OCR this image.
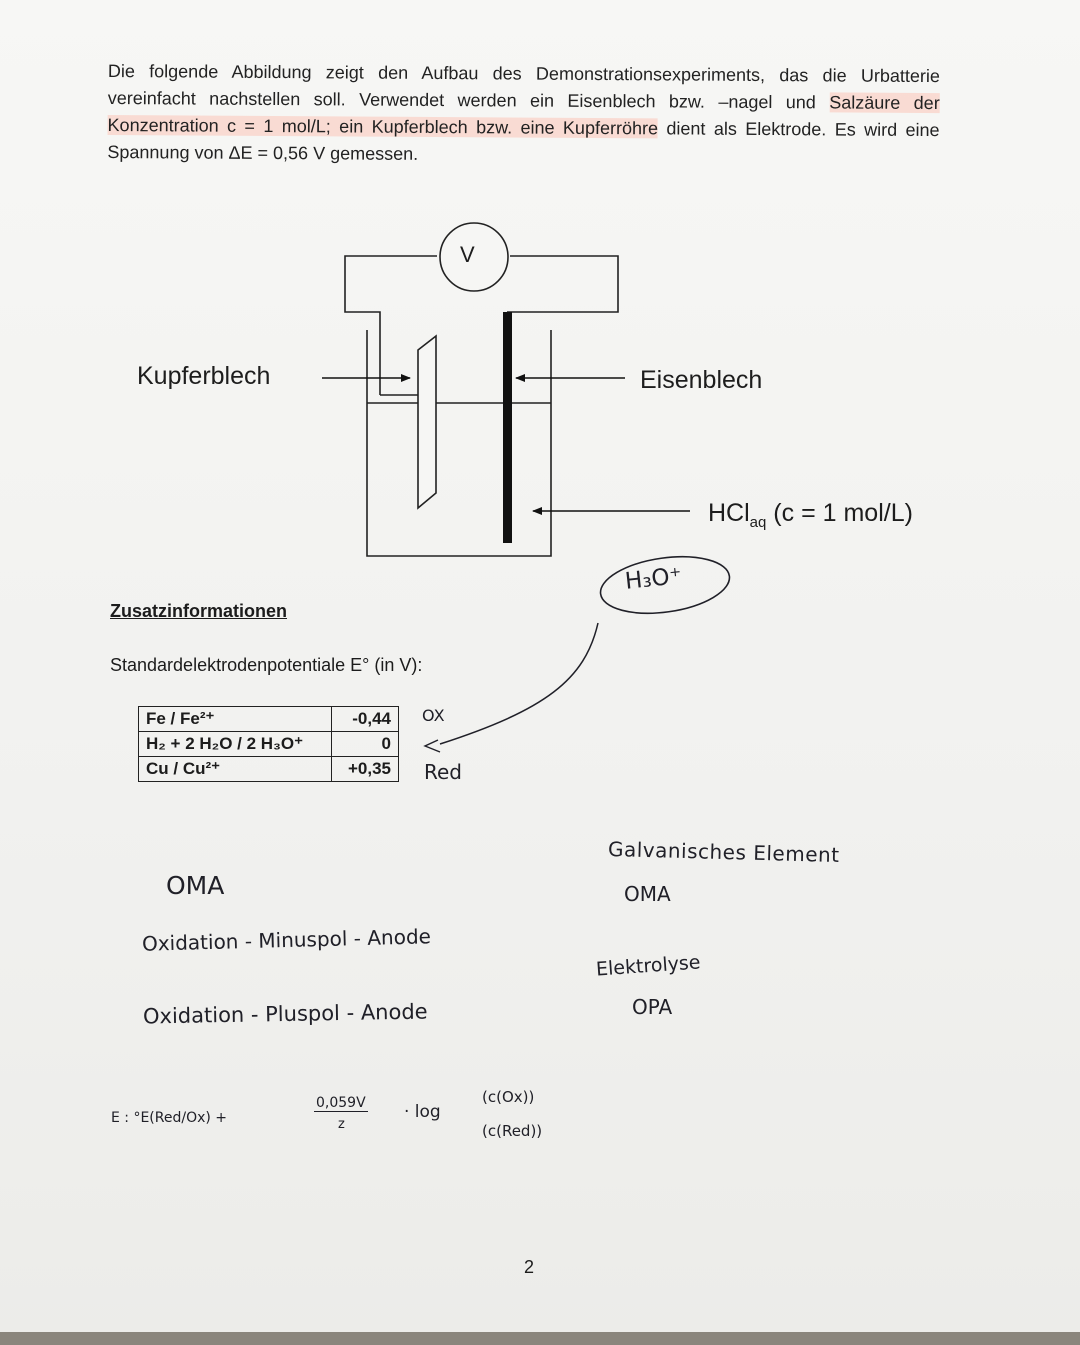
Die folgende Abbildung zeigt den Aufbau des Demonstrationsexperiments, das die Urbatterie vereinfacht nachstellen soll. Verwendet werden ein Eisenblech bzw. –nagel und Salzäure der Konzentration c = 1 mol/L; ein Kupferblech bzw. eine Kupferröhre dient als Elektrode. Es wird eine Spannung von ΔE = 0,56 V gemessen.
V
Kupferblech	Eisenblech
HCl$_{aq}$ (c = 1 mol/L)
H₃O⁺
Zusatzinformationen
Standardelektrodenpotentiale E° (in V):
Fe / Fe²⁺	-0,44
H₂ + 2 H₂O / 2 H₃O⁺	0
Cu / Cu²⁺	+0,35
OX
Red
Galvanisches Element
OMA
Elektrolyse
OPA
OMA
Oxidation - Minuspol - Anode
Oxidation - Pluspol - Anode
E : °E(Red/Ox) +
0,059V
z
· log
(c(Ox))
(c(Red))
2
